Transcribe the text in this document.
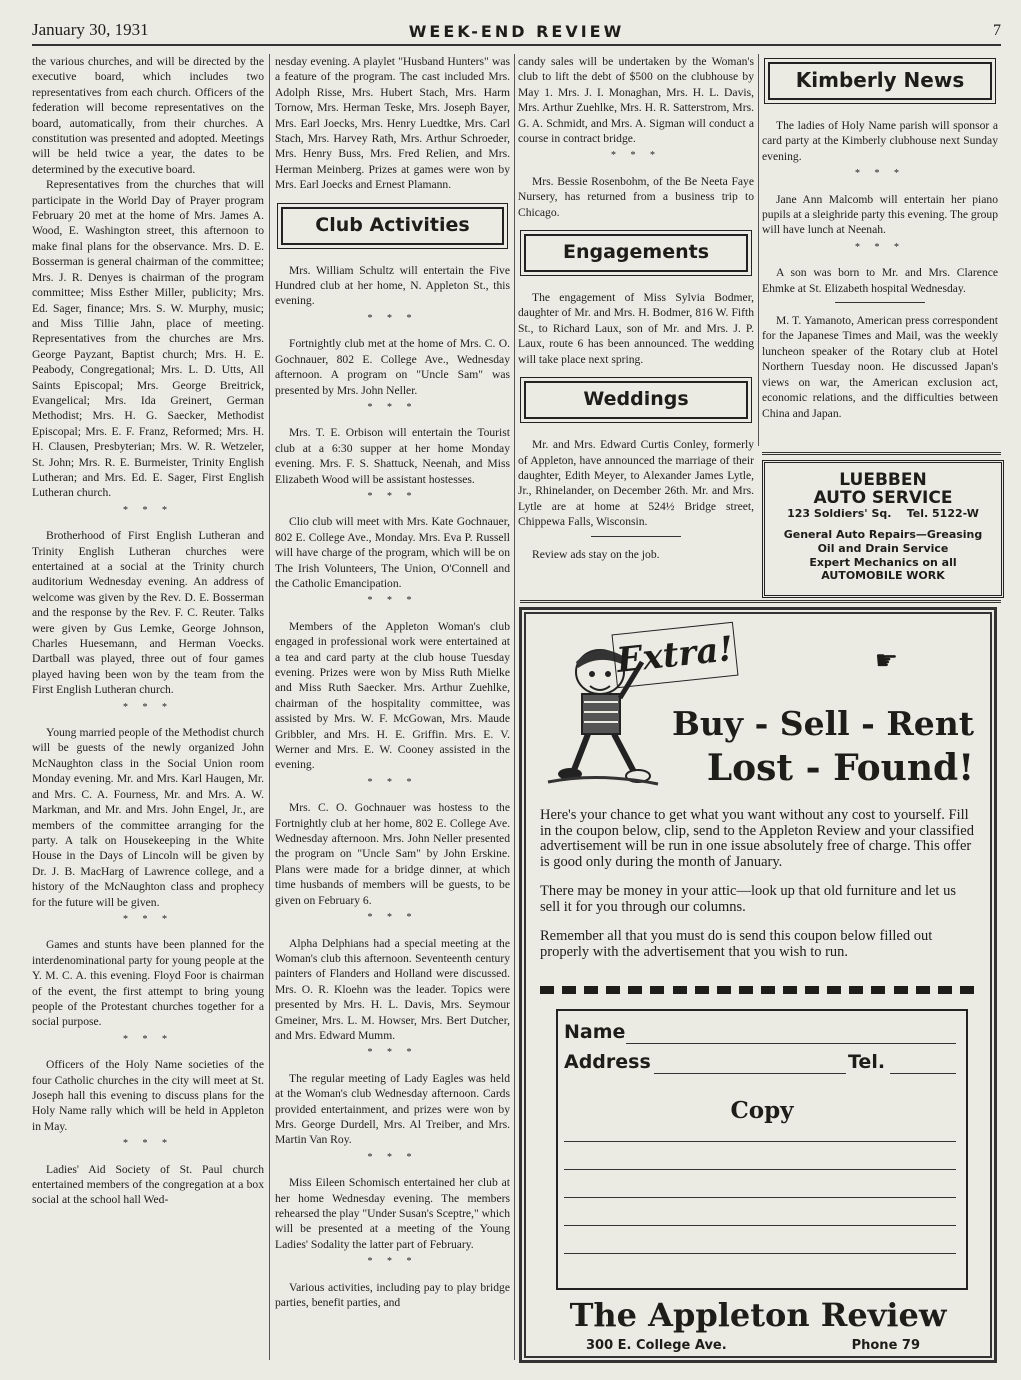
January 30, 1931	WEEK-END REVIEW	7

the various churches, and will be directed by the executive board, which includes two representatives from each church. Officers of the federation will become representatives on the board, automatically, from their churches. A constitution was presented and adopted. Meetings will be held twice a year, the dates to be determined by the executive board.

Representatives from the churches that will participate in the World Day of Prayer program February 20 met at the home of Mrs. James A. Wood, E. Washington street, this afternoon to make final plans for the observance. Mrs. D. E. Bosserman is general chairman of the committee; Mrs. J. R. Denyes is chairman of the program committee; Miss Esther Miller, publicity; Mrs. Ed. Sager, finance; Mrs. S. W. Murphy, music; and Miss Tillie Jahn, place of meeting. Representatives from the churches are Mrs. George Payzant, Baptist church; Mrs. H. E. Peabody, Congregational; Mrs. L. D. Utts, All Saints Episcopal; Mrs. George Breitrick, Evangelical; Mrs. Ida Greinert, German Methodist; Mrs. H. G. Saecker, Methodist Episcopal; Mrs. E. F. Franz, Reformed; Mrs. H. H. Clausen, Presbyterian; Mrs. W. R. Wetzeler, St. John; Mrs. R. E. Burmeister, Trinity English Lutheran; and Mrs. Ed. E. Sager, First English Lutheran church.

* * *

Brotherhood of First English Lutheran and Trinity English Lutheran churches were entertained at a social at the Trinity church auditorium Wednesday evening. An address of welcome was given by the Rev. D. E. Bosserman and the response by the Rev. F. C. Reuter. Talks were given by Gus Lemke, George Johnson, Charles Huesemann, and Herman Voecks. Dartball was played, three out of four games played having been won by the team from the First English Lutheran church.

* * *

Young married people of the Methodist church will be guests of the newly organized John McNaughton class in the Social Union room Monday evening. Mr. and Mrs. Karl Haugen, Mr. and Mrs. C. A. Fourness, Mr. and Mrs. A. W. Markman, and Mr. and Mrs. John Engel, Jr., are members of the committee arranging for the party. A talk on Housekeeping in the White House in the Days of Lincoln will be given by Dr. J. B. MacHarg of Lawrence college, and a history of the McNaughton class and prophecy for the future will be given.

* * *

Games and stunts have been planned for the interdenominational party for young people at the Y. M. C. A. this evening. Floyd Foor is chairman of the event, the first attempt to bring young people of the Protestant churches together for a social purpose.

* * *

Officers of the Holy Name societies of the four Catholic churches in the city will meet at St. Joseph hall this evening to discuss plans for the Holy Name rally which will be held in Appleton in May.

* * *

Ladies' Aid Society of St. Paul church entertained members of the congregation at a box social at the school hall Wed-

nesday evening. A playlet "Husband Hunters" was a feature of the program. The cast included Mrs. Adolph Risse, Mrs. Hubert Stach, Mrs. Harm Tornow, Mrs. Herman Teske, Mrs. Joseph Bayer, Mrs. Earl Joecks, Mrs. Henry Luedtke, Mrs. Carl Stach, Mrs. Harvey Rath, Mrs. Arthur Schroeder, Mrs. Henry Buss, Mrs. Fred Relien, and Mrs. Herman Meinberg. Prizes at games were won by Mrs. Earl Joecks and Ernest Plamann.

Club Activities

Mrs. William Schultz will entertain the Five Hundred club at her home, N. Appleton St., this evening.

* * *

Fortnightly club met at the home of Mrs. C. O. Gochnauer, 802 E. College Ave., Wednesday afternoon. A program on "Uncle Sam" was presented by Mrs. John Neller.

* * *

Mrs. T. E. Orbison will entertain the Tourist club at a 6:30 supper at her home Monday evening. Mrs. F. S. Shattuck, Neenah, and Miss Elizabeth Wood will be assistant hostesses.

* * *

Clio club will meet with Mrs. Kate Gochnauer, 802 E. College Ave., Monday. Mrs. Eva P. Russell will have charge of the program, which will be on The Irish Volunteers, The Union, O'Connell and the Catholic Emancipation.

* * *

Members of the Appleton Woman's club engaged in professional work were entertained at a tea and card party at the club house Tuesday evening. Prizes were won by Miss Ruth Mielke and Miss Ruth Saecker. Mrs. Arthur Zuehlke, chairman of the hospitality committee, was assisted by Mrs. W. F. McGowan, Mrs. Maude Gribbler, and Mrs. H. E. Griffin. Mrs. E. V. Werner and Mrs. E. W. Cooney assisted in the evening.

* * *

Mrs. C. O. Gochnauer was hostess to the Fortnightly club at her home, 802 E. College Ave. Wednesday afternoon. Mrs. John Neller presented the program on "Uncle Sam" by John Erskine. Plans were made for a bridge dinner, at which time husbands of members will be guests, to be given on February 6.

* * *

Alpha Delphians had a special meeting at the Woman's club this afternoon. Seventeenth century painters of Flanders and Holland were discussed. Mrs. O. R. Kloehn was the leader. Topics were presented by Mrs. H. L. Davis, Mrs. Seymour Gmeiner, Mrs. L. M. Howser, Mrs. Bert Dutcher, and Mrs. Edward Mumm.

* * *

The regular meeting of Lady Eagles was held at the Woman's club Wednesday afternoon. Cards provided entertainment, and prizes were won by Mrs. George Durdell, Mrs. Al Treiber, and Mrs. Martin Van Roy.

* * *

Miss Eileen Schomisch entertained her club at her home Wednesday evening. The members rehearsed the play "Under Susan's Sceptre," which will be presented at a meeting of the Young Ladies' Sodality the latter part of February.

* * *

Various activities, including pay to play bridge parties, benefit parties, and

candy sales will be undertaken by the Woman's club to lift the debt of $500 on the clubhouse by May 1. Mrs. J. I. Monaghan, Mrs. H. L. Davis, Mrs. Arthur Zuehlke, Mrs. H. R. Satterstrom, Mrs. G. A. Schmidt, and Mrs. A. Sigman will conduct a course in contract bridge.

* * *

Mrs. Bessie Rosenbohm, of the Be Neeta Faye Nursery, has returned from a business trip to Chicago.

Engagements

The engagement of Miss Sylvia Bodmer, daughter of Mr. and Mrs. H. Bodmer, 816 W. Fifth St., to Richard Laux, son of Mr. and Mrs. J. P. Laux, route 6 has been announced. The wedding will take place next spring.

Weddings

Mr. and Mrs. Edward Curtis Conley, formerly of Appleton, have announced the marriage of their daughter, Edith Meyer, to Alexander James Lytle, Jr., Rhinelander, on December 26th. Mr. and Mrs. Lytle are at home at 524½ Bridge street, Chippewa Falls, Wisconsin.

Review ads stay on the job.

Kimberly News

The ladies of Holy Name parish will sponsor a card party at the Kimberly clubhouse next Sunday evening.

* * *

Jane Ann Malcomb will entertain her piano pupils at a sleighride party this evening. The group will have lunch at Neenah.

* * *

A son was born to Mr. and Mrs. Clarence Ehmke at St. Elizabeth hospital Wednesday.

M. T. Yamanoto, American press correspondent for the Japanese Times and Mail, was the weekly luncheon speaker of the Rotary club at Hotel Northern Tuesday noon. He discussed Japan's views on war, the American exclusion act, economic relations, and the difficulties between China and Japan.

LUEBBEN
AUTO SERVICE
123 Soldiers' Sq. Tel. 5122-W
General Auto Repairs—Greasing
Oil and Drain Service
Expert Mechanics on all
AUTOMOBILE WORK
Extra!	☛
Buy - Sell - Rent
Lost - Found!

Here's your chance to get what you want without any cost to yourself. Fill in the coupon below, clip, send to the Appleton Review and your classified advertisement will be run in one issue absolutely free of charge. This offer is good only during the month of January.

There may be money in your attic—look up that old furniture and let us sell it for you through our columns.

Remember all that you must do is send this coupon below filled out properly with the advertisement that you wish to run.

Name
Address	Tel.
Copy
The Appleton Review
300 E. College Ave.	Phone 79
